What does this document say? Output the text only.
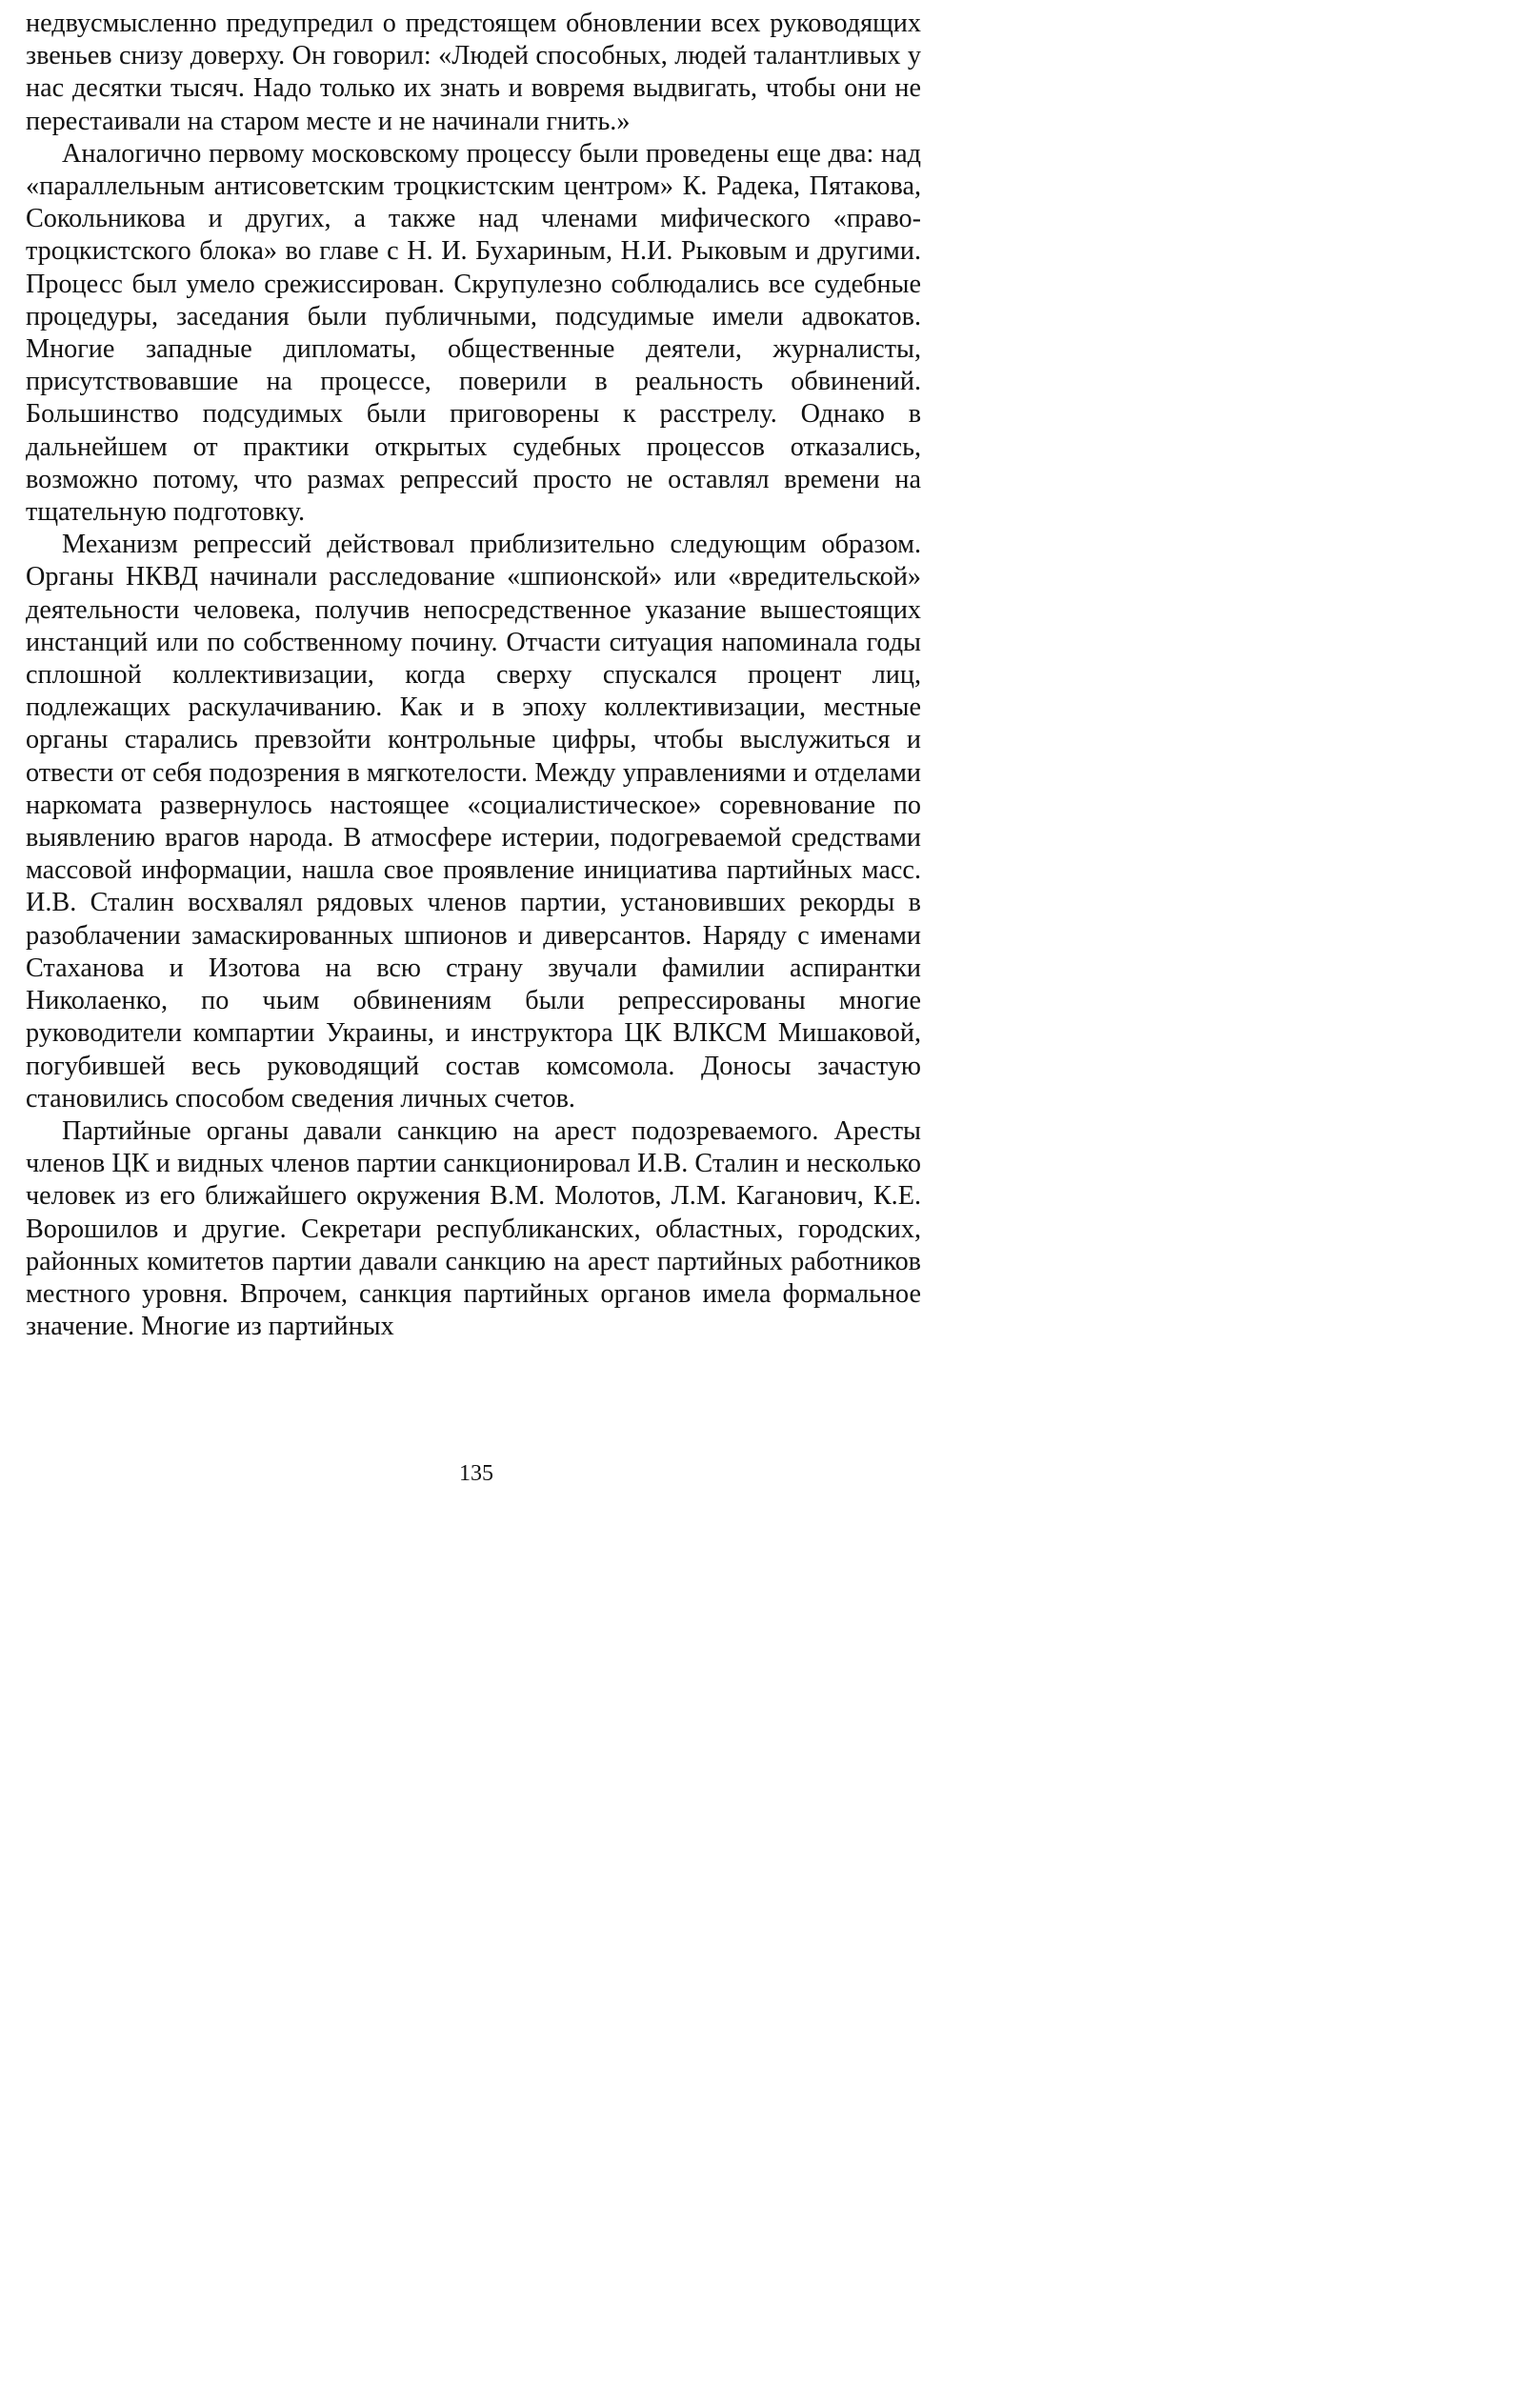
недвусмысленно предупредил о предстоящем обновлении всех руководящих звеньев снизу доверху. Он говорил: «Людей способных, людей талантливых у нас десятки тысяч. Надо только их знать и вовремя выдвигать, чтобы они не перестаивали на старом месте и не начинали гнить.»

Аналогично первому московскому процессу были проведены еще два: над «параллельным антисоветским троцкистским центром» К. Радека, Пятакова, Сокольникова и других, а также над членами мифического «право-троцкистского блока» во главе с Н. И. Бухариным, Н.И. Рыковым и другими. Процесс был умело срежиссирован. Скрупулезно соблюдались все судебные процедуры, заседания были публичными, подсудимые имели адвокатов. Многие западные дипломаты, общественные деятели, журналисты, присутствовавшие на процессе, поверили в реальность обвинений. Большинство подсудимых были приговорены к расстрелу. Однако в дальнейшем от практики открытых судебных процессов отказались, возможно потому, что размах репрессий просто не оставлял времени на тщательную подготовку.

Механизм репрессий действовал приблизительно следующим образом. Органы НКВД начинали расследование «шпионской» или «вредительской» деятельности человека, получив непосредственное указание вышестоящих инстанций или по собственному почину. Отчасти ситуация напоминала годы сплошной коллективизации, когда сверху спускался процент лиц, подлежащих раскулачиванию. Как и в эпоху коллективизации, местные органы старались превзойти контрольные цифры, чтобы выслужиться и отвести от себя подозрения в мягкотелости. Между управлениями и отделами наркомата развернулось настоящее «социалистическое» соревнование по выявлению врагов народа. В атмосфере истерии, подогреваемой средствами массовой информации, нашла свое проявление инициатива партийных масс. И.В. Сталин восхвалял рядовых членов партии, установивших рекорды в разоблачении замаскированных шпионов и диверсантов. Наряду с именами Стаханова и Изотова на всю страну звучали фамилии аспирантки Николаенко, по чьим обвинениям были репрессированы многие руководители компартии Украины, и инструктора ЦК ВЛКСМ Мишаковой, погубившей весь руководящий состав комсомола. Доносы зачастую становились способом сведения личных счетов.

Партийные органы давали санкцию на арест подозреваемого. Аресты членов ЦК и видных членов партии санкционировал И.В. Сталин и несколько человек из его ближайшего окружения В.М. Молотов, Л.М. Каганович, К.Е. Ворошилов и другие. Секретари республиканских, областных, городских, районных комитетов партии давали санкцию на арест партийных работников местного уровня. Впрочем, санкция партийных органов имела формальное значение. Многие из партийных

135
